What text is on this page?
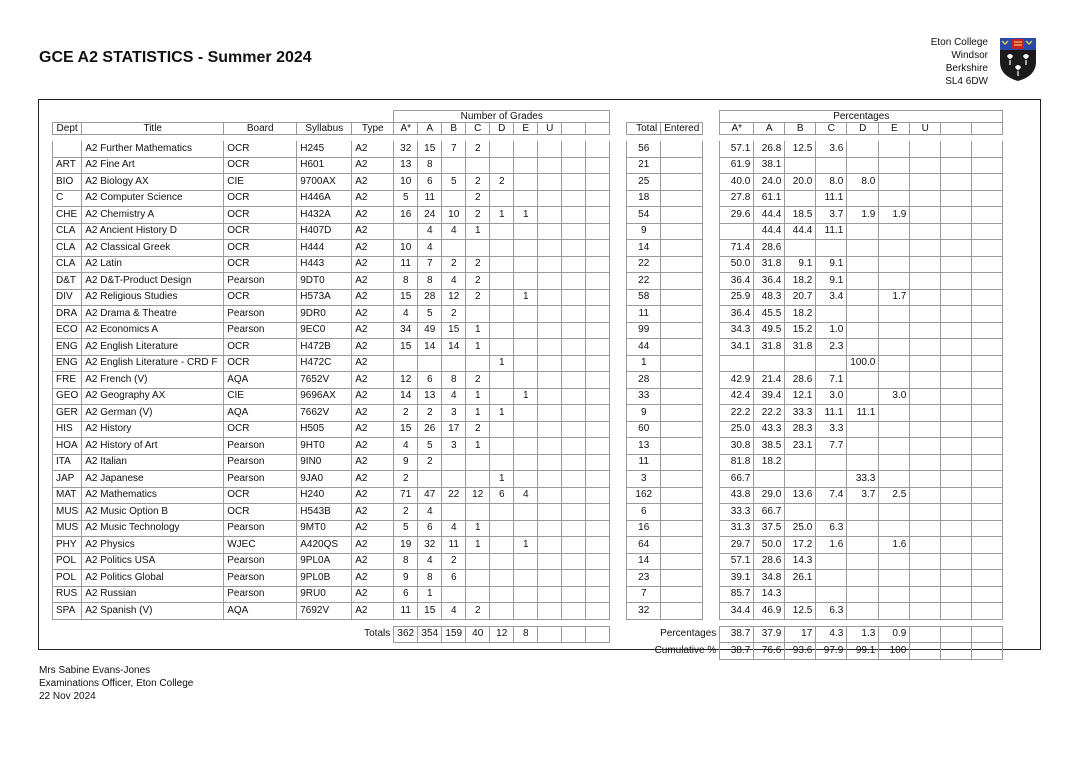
GCE A2 STATISTICS - Summer 2024
Eton College
Windsor
Berkshire
SL4 6DW
					Number of Grades													Percentages								
Dept	Title	Board	Syllabus	Type	A*	A	B	C	D	E	U				Total	Entered		A*	A	B	C	D	E	U		

	A2 Further Mathematics	OCR	H245	A2	32	15	7	2							56			57.1	26.8	12.5	3.6					
ART	A2 Fine Art	OCR	H601	A2	13	8									21			61.9	38.1							
BIO	A2 Biology AX	CIE	9700AX	A2	10	6	5	2	2						25			40.0	24.0	20.0	8.0	8.0				
C	A2 Computer Science	OCR	H446A	A2	5	11		2							18			27.8	61.1		11.1					
CHE	A2 Chemistry A	OCR	H432A	A2	16	24	10	2	1	1					54			29.6	44.4	18.5	3.7	1.9	1.9			
CLA	A2 Ancient History D	OCR	H407D	A2		4	4	1							9				44.4	44.4	11.1					
CLA	A2 Classical Greek	OCR	H444	A2	10	4									14			71.4	28.6							
CLA	A2 Latin	OCR	H443	A2	11	7	2	2							22			50.0	31.8	9.1	9.1					
D&T	A2 D&T-Product Design	Pearson	9DT0	A2	8	8	4	2							22			36.4	36.4	18.2	9.1					
DIV	A2 Religious Studies	OCR	H573A	A2	15	28	12	2		1					58			25.9	48.3	20.7	3.4		1.7			
DRA	A2 Drama & Theatre	Pearson	9DR0	A2	4	5	2								11			36.4	45.5	18.2						
ECO	A2 Economics A	Pearson	9EC0	A2	34	49	15	1							99			34.3	49.5	15.2	1.0					
ENG	A2 English Literature	OCR	H472B	A2	15	14	14	1							44			34.1	31.8	31.8	2.3					
ENG	A2 English Literature - CRD F	OCR	H472C	A2					1						1							100.0				
FRE	A2 French (V)	AQA	7652V	A2	12	6	8	2							28			42.9	21.4	28.6	7.1					
GEO	A2 Geography AX	CIE	9696AX	A2	14	13	4	1		1					33			42.4	39.4	12.1	3.0		3.0			
GER	A2 German (V)	AQA	7662V	A2	2	2	3	1	1						9			22.2	22.2	33.3	11.1	11.1				
HIS	A2 History	OCR	H505	A2	15	26	17	2							60			25.0	43.3	28.3	3.3					
HOA	A2 History of Art	Pearson	9HT0	A2	4	5	3	1							13			30.8	38.5	23.1	7.7					
ITA	A2 Italian	Pearson	9IN0	A2	9	2									11			81.8	18.2							
JAP	A2 Japanese	Pearson	9JA0	A2	2				1						3			66.7				33.3				
MAT	A2 Mathematics	OCR	H240	A2	71	47	22	12	6	4					162			43.8	29.0	13.6	7.4	3.7	2.5			
MUS	A2 Music Option B	OCR	H543B	A2	2	4									6			33.3	66.7							
MUS	A2 Music Technology	Pearson	9MT0	A2	5	6	4	1							16			31.3	37.5	25.0	6.3					
PHY	A2 Physics	WJEC	A420QS	A2	19	32	11	1		1					64			29.7	50.0	17.2	1.6		1.6			
POL	A2 Politics USA	Pearson	9PL0A	A2	8	4	2								14			57.1	28.6	14.3						
POL	A2 Politics Global	Pearson	9PL0B	A2	9	8	6								23			39.1	34.8	26.1						
RUS	A2 Russian	Pearson	9RU0	A2	6	1									7			85.7	14.3							
SPA	A2 Spanish (V)	AQA	7692V	A2	11	15	4	2							32			34.4	46.9	12.5	6.3					

Totals					362	354	159	40	12	8					Percentages			38.7	37.9	17	4.3	1.3	0.9			
															Cumulative %			38.7	76.6	93.6	97.9	99.1	100			
Mrs Sabine Evans-Jones
Examinations Officer, Eton College
22 Nov 2024
